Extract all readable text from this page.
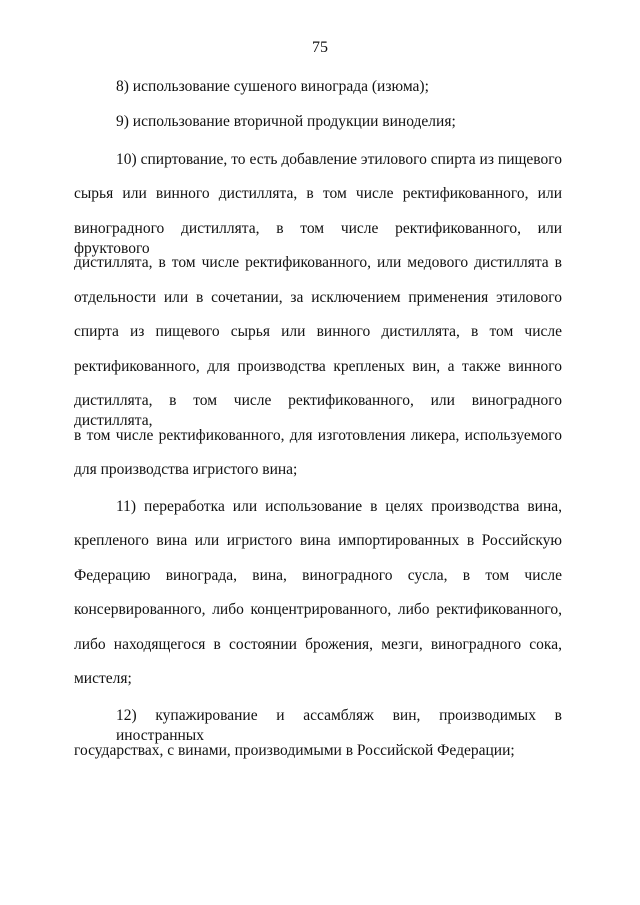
75
8) использование сушеного винограда (изюма);
9) использование вторичной продукции виноделия;
10) спиртование, то есть добавление этилового спирта из пищевого
сырья или винного дистиллята, в том числе ректификованного, или
виноградного дистиллята, в том числе ректификованного, или фруктового
дистиллята, в том числе ректификованного, или медового дистиллята в
отдельности или в сочетании, за исключением применения этилового
спирта из пищевого сырья или винного дистиллята, в том числе
ректификованного, для производства крепленых вин, а также винного
дистиллята, в том числе ректификованного, или виноградного дистиллята,
в том числе ректификованного, для изготовления ликера, используемого
для производства игристого вина;
11) переработка или использование в целях производства вина,
крепленого вина или игристого вина импортированных в Российскую
Федерацию винограда, вина, виноградного сусла, в том числе
консервированного, либо концентрированного, либо ректификованного,
либо находящегося в состоянии брожения, мезги, виноградного сока,
мистеля;
12) купажирование и ассамбляж вин, производимых в иностранных
государствах, с винами, производимыми в Российской Федерации;
